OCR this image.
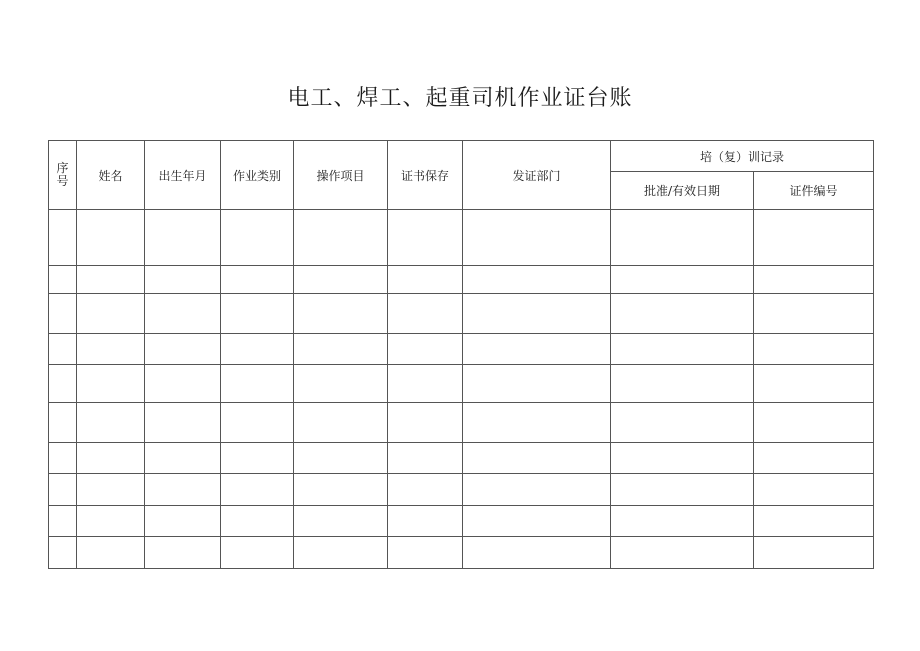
电工、焊工、起重司机作业证台账
序号	姓名	出生年月	作业类别	操作项目	证书保存	发证部门	培（复）训记录	
							批准/有效日期	证件编号
